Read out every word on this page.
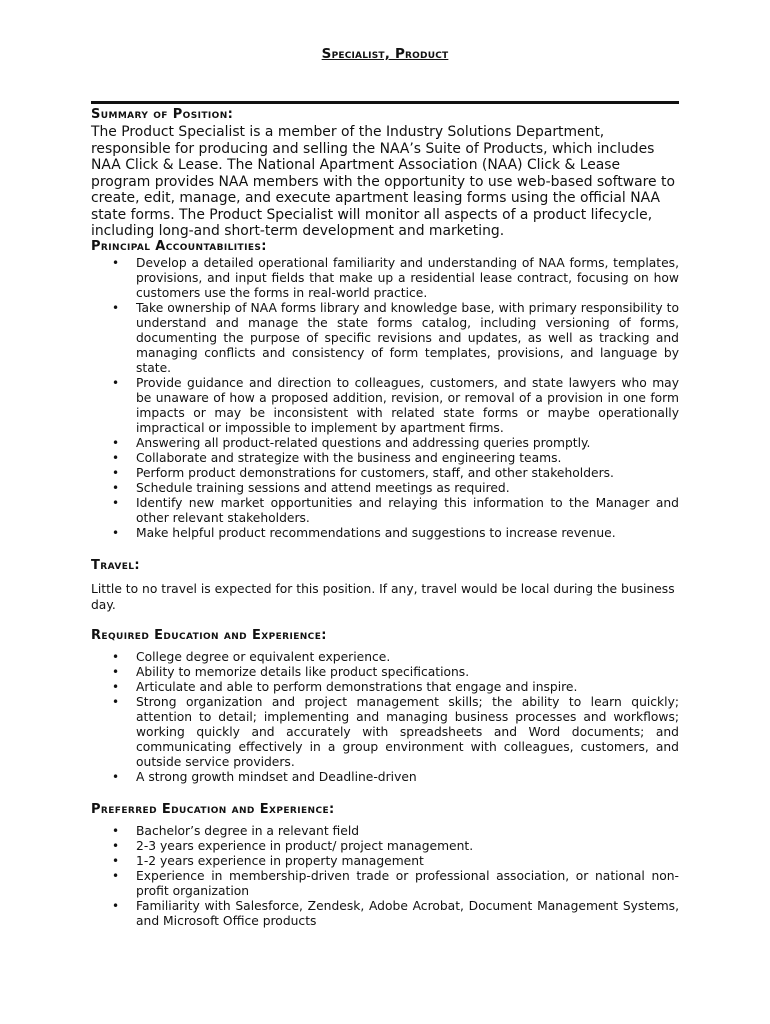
Specialist, Product
Summary of Position:
The Product Specialist is a member of the Industry Solutions Department, responsible for producing and selling the NAA’s Suite of Products, which includes NAA Click & Lease. The National Apartment Association (NAA) Click & Lease program provides NAA members with the opportunity to use web-based software to create, edit, manage, and execute apartment leasing forms using the official NAA state forms. The Product Specialist will monitor all aspects of a product lifecycle, including long-and short-term development and marketing.
Principal Accountabilities:
• Develop a detailed operational familiarity and understanding of NAA forms, templates, provisions, and input fields that make up a residential lease contract, focusing on how customers use the forms in real-world practice.
• Take ownership of NAA forms library and knowledge base, with primary responsibility to understand and manage the state forms catalog, including versioning of forms, documenting the purpose of specific revisions and updates, as well as tracking and managing conflicts and consistency of form templates, provisions, and language by state.
• Provide guidance and direction to colleagues, customers, and state lawyers who may be unaware of how a proposed addition, revision, or removal of a provision in one form impacts or may be inconsistent with related state forms or maybe operationally impractical or impossible to implement by apartment firms.
• Answering all product-related questions and addressing queries promptly.
• Collaborate and strategize with the business and engineering teams.
• Perform product demonstrations for customers, staff, and other stakeholders.
• Schedule training sessions and attend meetings as required.
• Identify new market opportunities and relaying this information to the Manager and other relevant stakeholders.
• Make helpful product recommendations and suggestions to increase revenue.
Travel:
Little to no travel is expected for this position. If any, travel would be local during the business day.
Required Education and Experience:
• College degree or equivalent experience.
• Ability to memorize details like product specifications.
• Articulate and able to perform demonstrations that engage and inspire.
• Strong organization and project management skills; the ability to learn quickly; attention to detail; implementing and managing business processes and workflows; working quickly and accurately with spreadsheets and Word documents; and communicating effectively in a group environment with colleagues, customers, and outside service providers.
• A strong growth mindset and Deadline-driven
Preferred Education and Experience:
• Bachelor’s degree in a relevant field
• 2-3 years experience in product/ project management.
• 1-2 years experience in property management
• Experience in membership-driven trade or professional association, or national non-profit organization
• Familiarity with Salesforce, Zendesk, Adobe Acrobat, Document Management Systems, and Microsoft Office products
